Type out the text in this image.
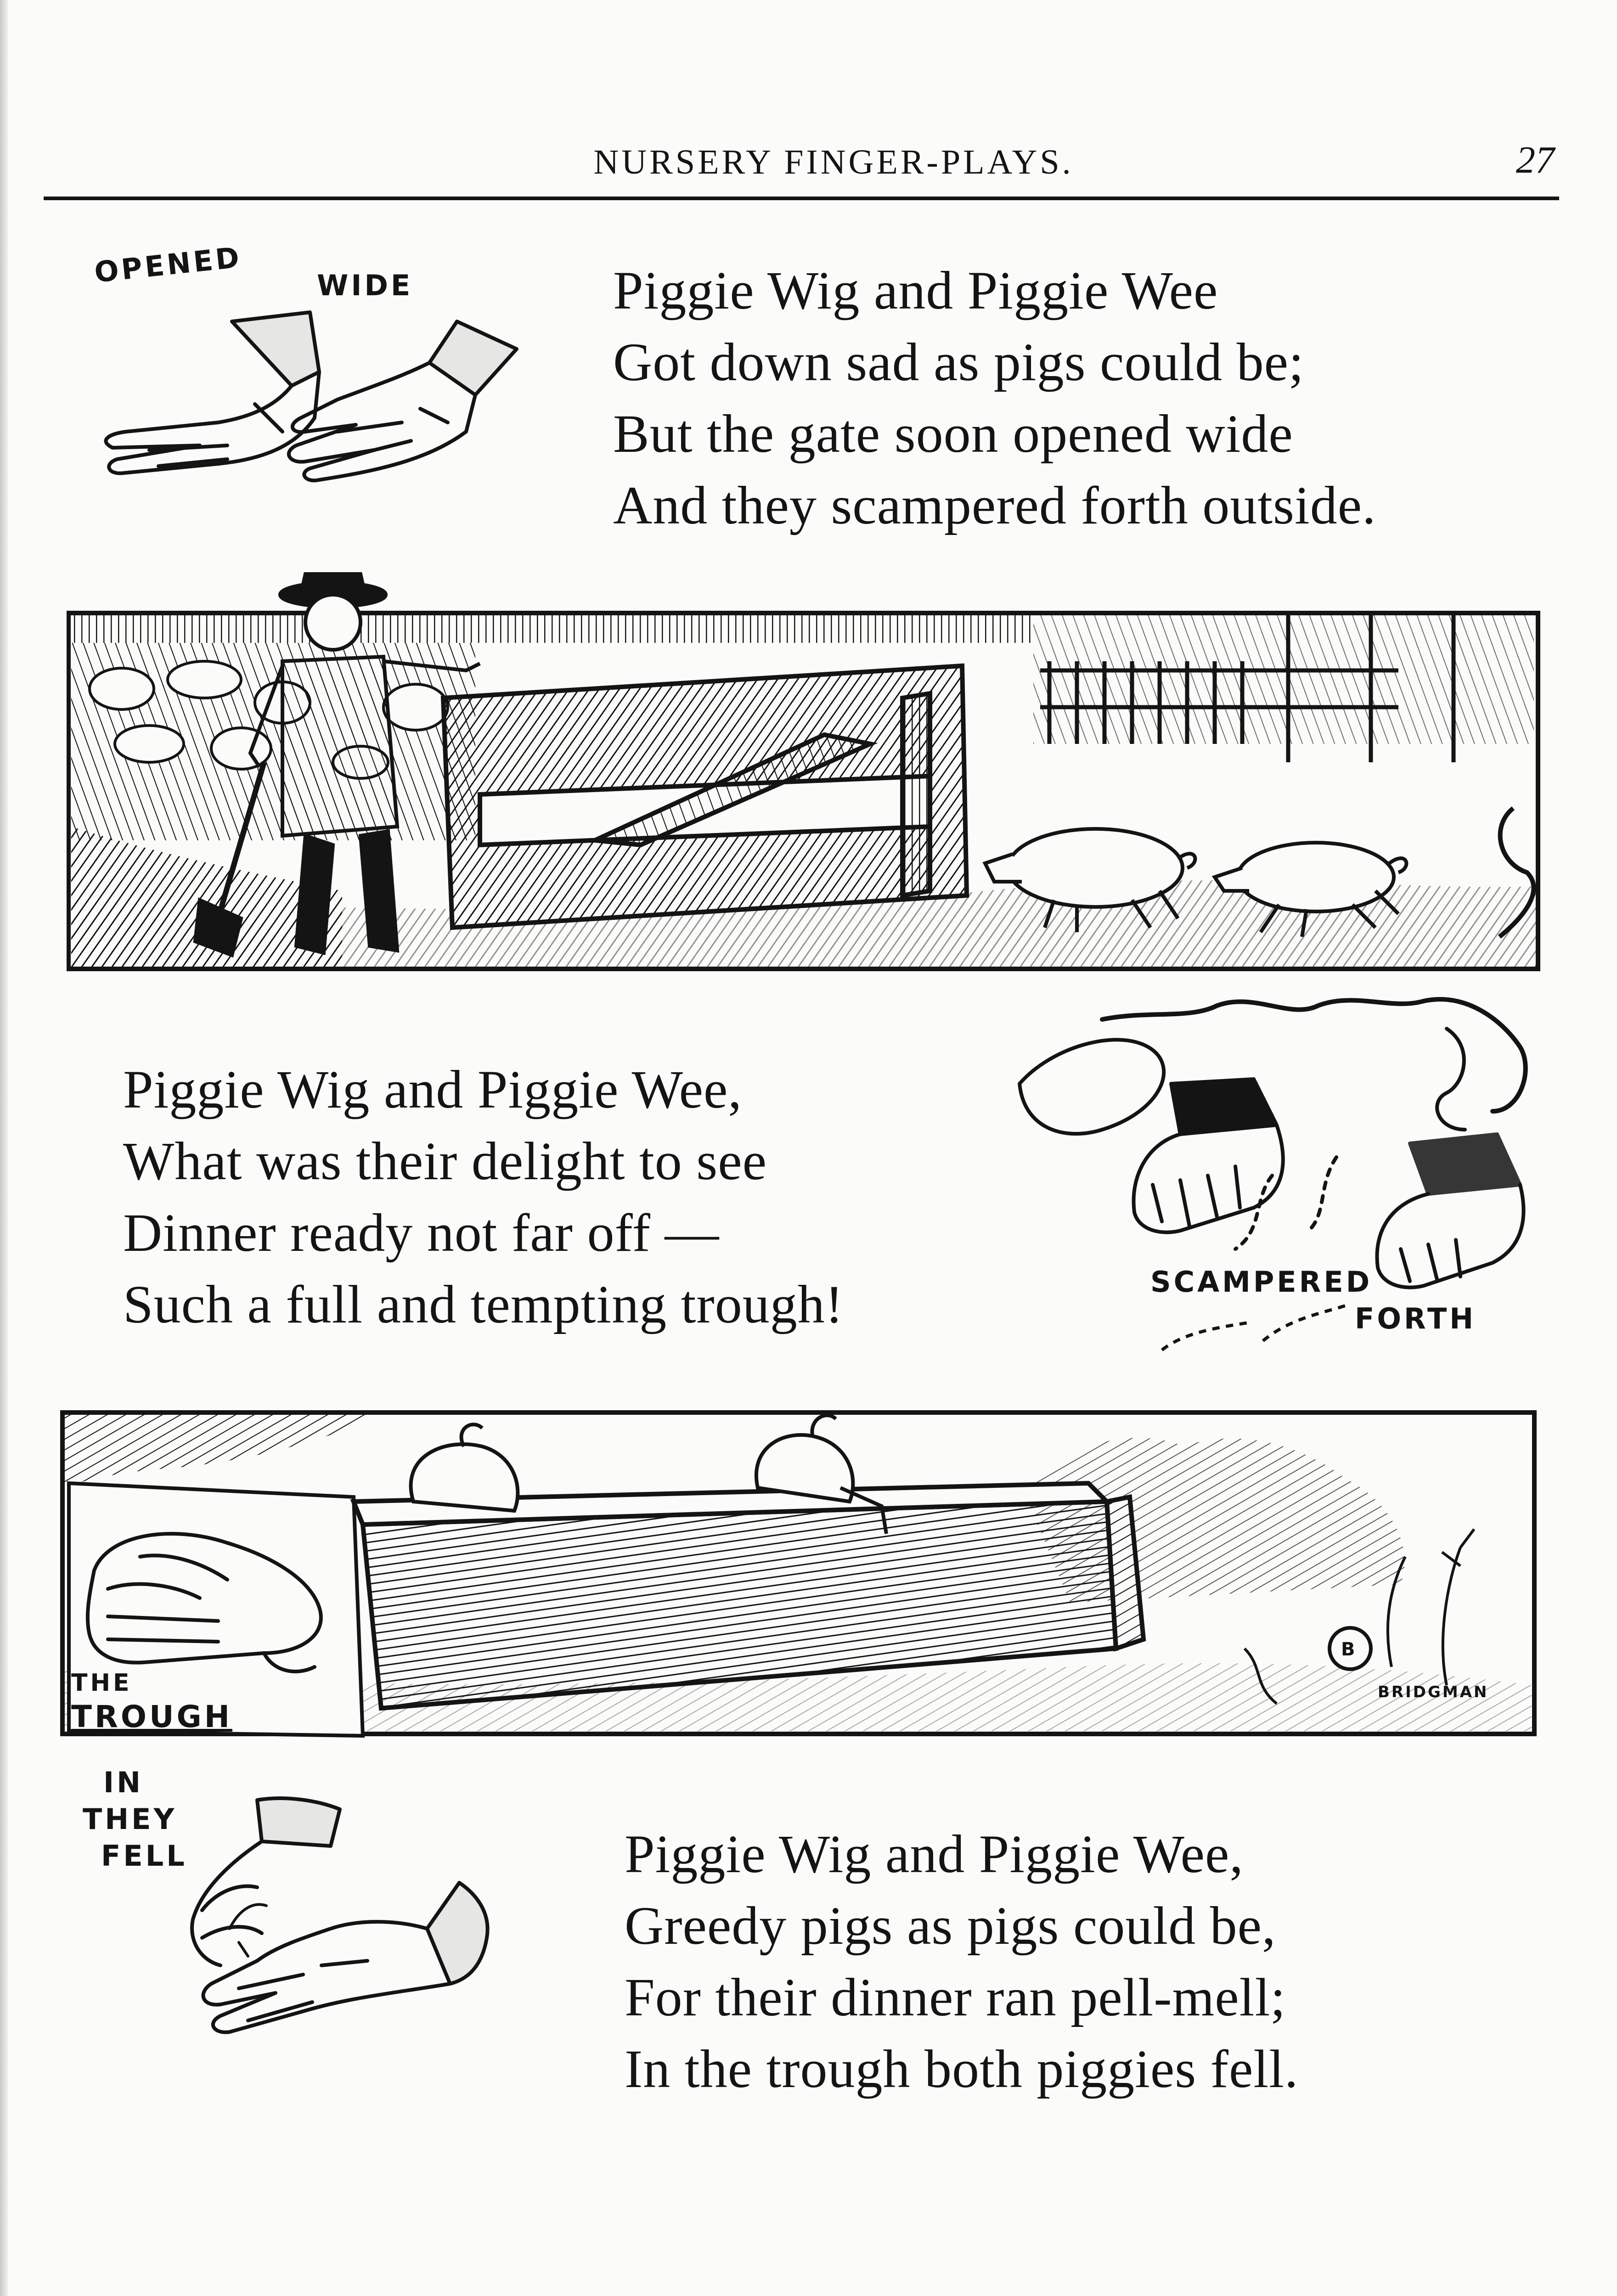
NURSERY FINGER-PLAYS.	27
OPENED	WIDE	Piggie Wig and Piggie Wee
Got down sad as pigs could be;
But the gate soon opened wide
And they scampered forth outside.
Piggie Wig and Piggie Wee,
What was their delight to see
Dinner ready not far off —
Such a full and tempting trough!	SCAMPERED
FORTH
B
THE
TROUGH
BRIDGMAN
IN
THEY
FELL	Piggie Wig and Piggie Wee,
Greedy pigs as pigs could be,
For their dinner ran pell-mell;
In the trough both piggies fell.
